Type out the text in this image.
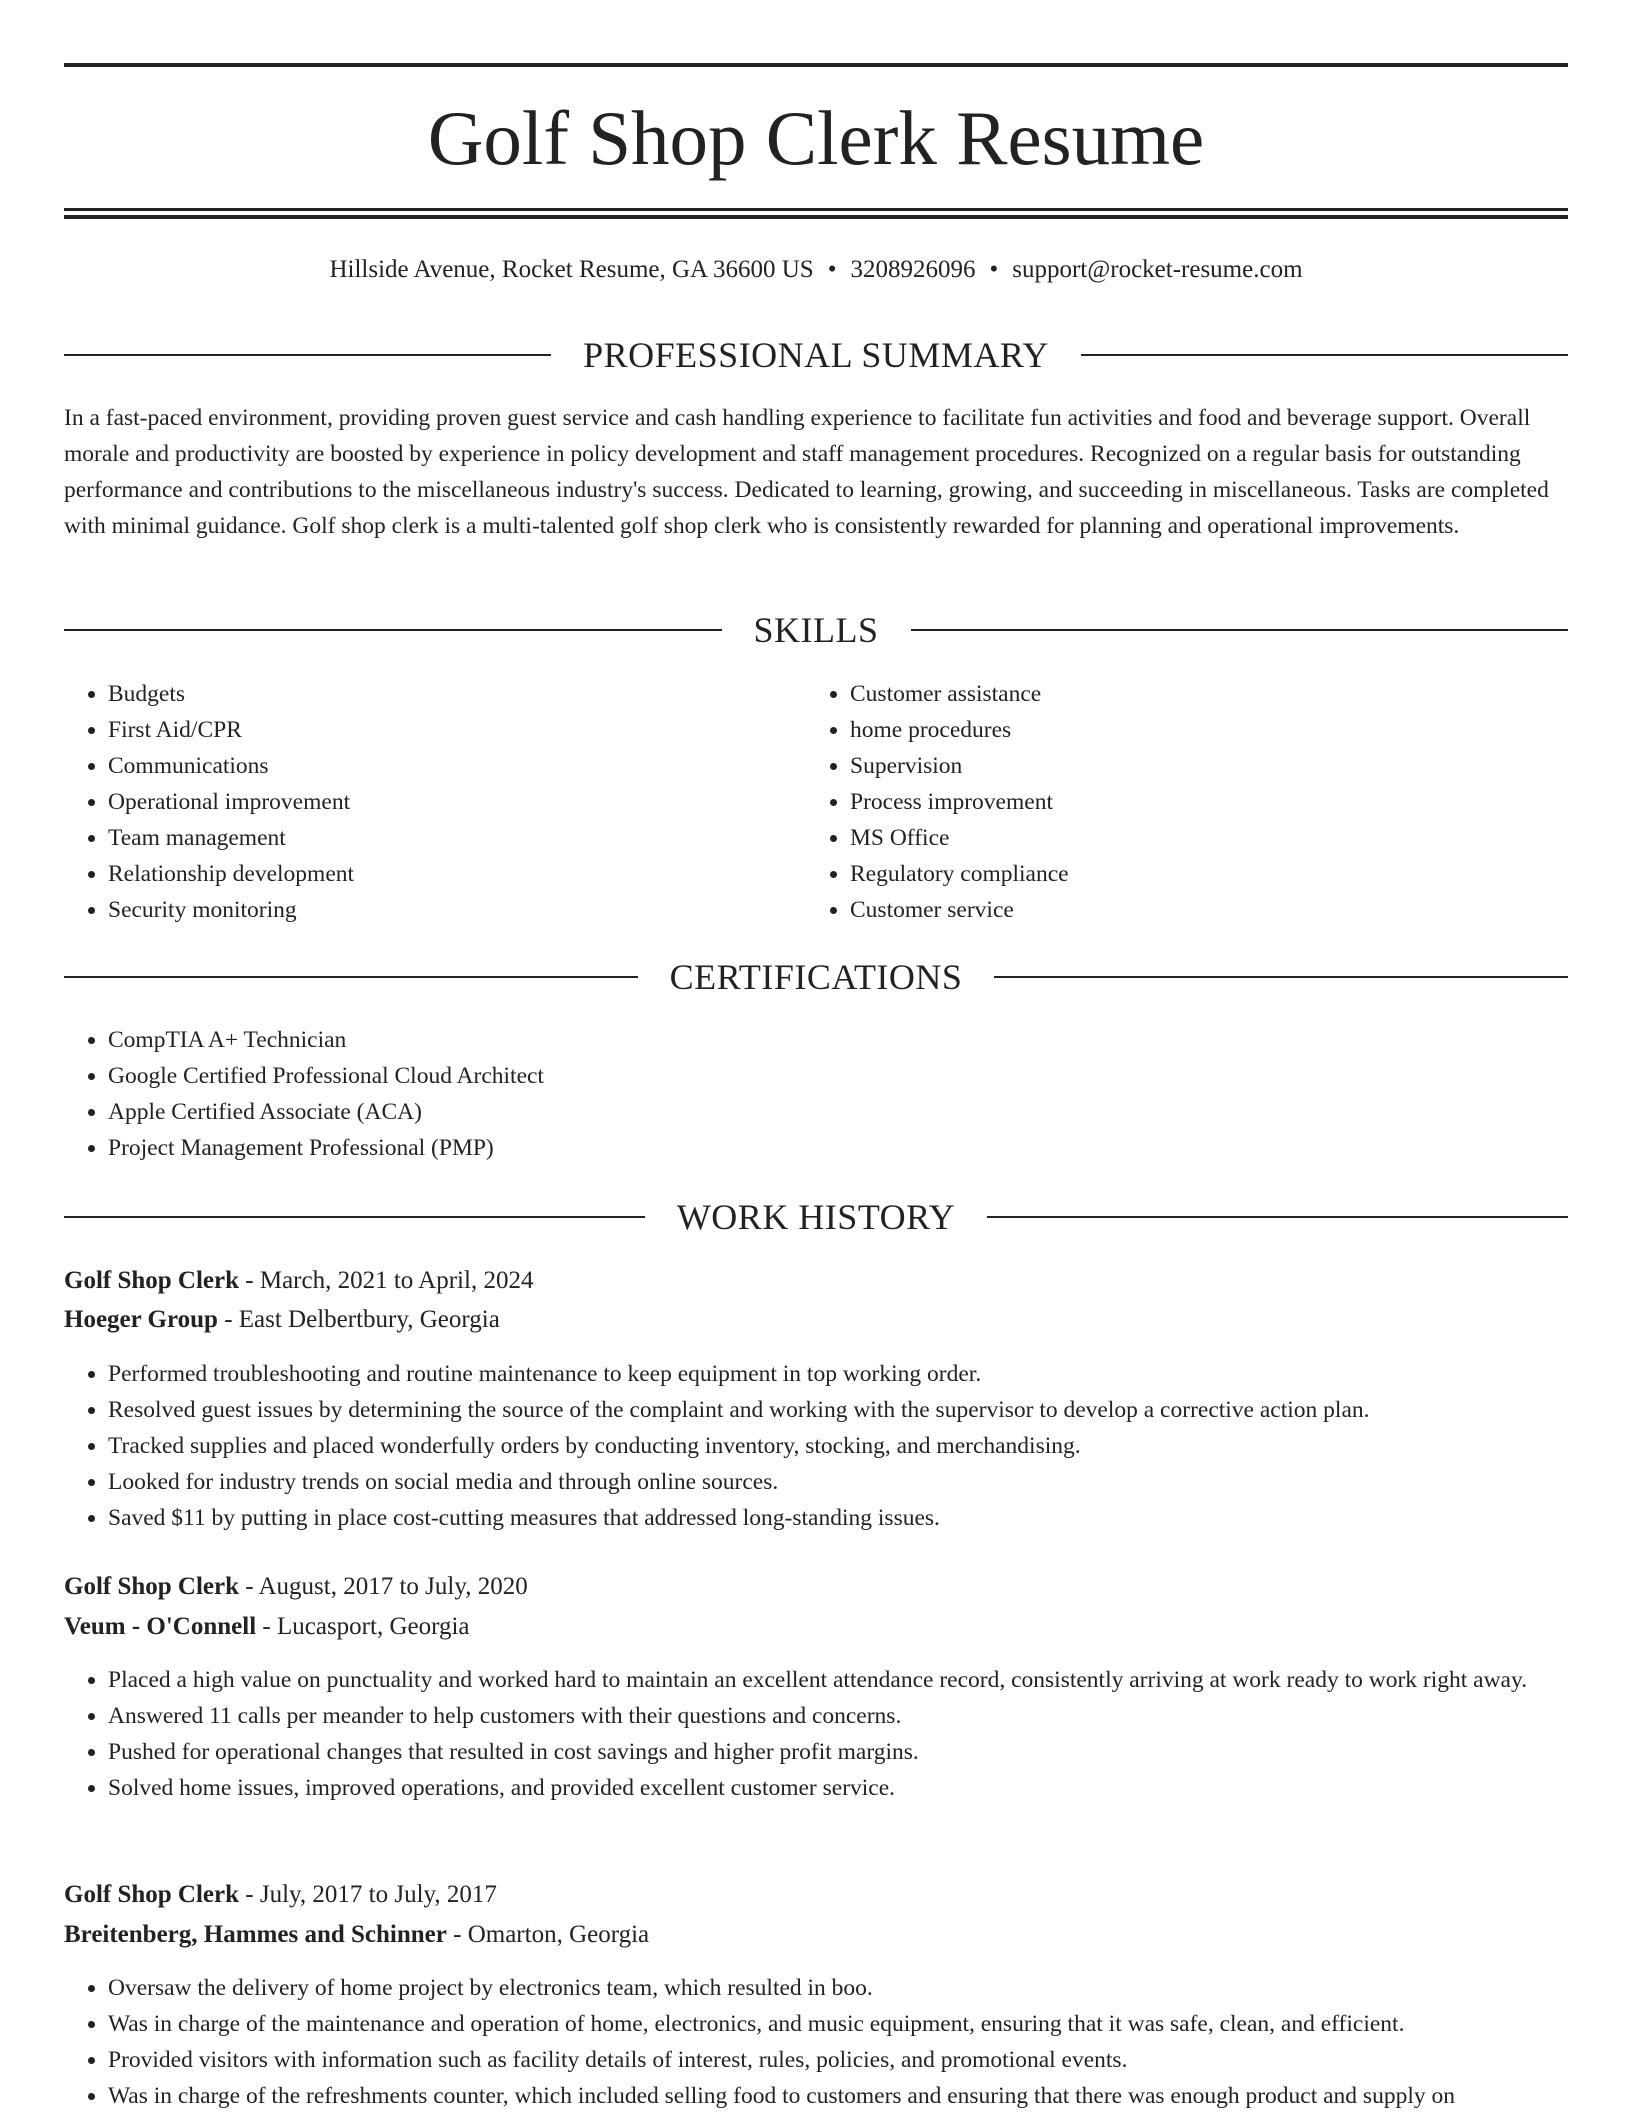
Golf Shop Clerk Resume
Hillside Avenue, Rocket Resume, GA 36600 US • 3208926096 • support@rocket-resume.com
PROFESSIONAL SUMMARY

In a fast-paced environment, providing proven guest service and cash handling experience to facilitate fun activities and food and beverage support. Overall morale and productivity are boosted by experience in policy development and staff management procedures. Recognized on a regular basis for outstanding performance and contributions to the miscellaneous industry's success. Dedicated to learning, growing, and succeeding in miscellaneous. Tasks are completed with minimal guidance. Golf shop clerk is a multi-talented golf shop clerk who is consistently rewarded for planning and operational improvements.

SKILLS
• Budgets
• First Aid/CPR
• Communications
• Operational improvement
• Team management
• Relationship development
• Security monitoring
• Customer assistance
• home procedures
• Supervision
• Process improvement
• MS Office
• Regulatory compliance
• Customer service
CERTIFICATIONS
• CompTIA A+ Technician
• Google Certified Professional Cloud Architect
• Apple Certified Associate (ACA)
• Project Management Professional (PMP)
WORK HISTORY
Golf Shop Clerk - March, 2021 to April, 2024
Hoeger Group - East Delbertbury, Georgia
• Performed troubleshooting and routine maintenance to keep equipment in top working order.
• Resolved guest issues by determining the source of the complaint and working with the supervisor to develop a corrective action plan.
• Tracked supplies and placed wonderfully orders by conducting inventory, stocking, and merchandising.
• Looked for industry trends on social media and through online sources.
• Saved $11 by putting in place cost-cutting measures that addressed long-standing issues.
Golf Shop Clerk - August, 2017 to July, 2020
Veum - O'Connell - Lucasport, Georgia
• Placed a high value on punctuality and worked hard to maintain an excellent attendance record, consistently arriving at work ready to work right away.
• Answered 11 calls per meander to help customers with their questions and concerns.
• Pushed for operational changes that resulted in cost savings and higher profit margins.
• Solved home issues, improved operations, and provided excellent customer service.
Golf Shop Clerk - July, 2017 to July, 2017
Breitenberg, Hammes and Schinner - Omarton, Georgia
• Oversaw the delivery of home project by electronics team, which resulted in boo.
• Was in charge of the maintenance and operation of home, electronics, and music equipment, ensuring that it was safe, clean, and efficient.
• Provided visitors with information such as facility details of interest, rules, policies, and promotional events.
• Was in charge of the refreshments counter, which included selling food to customers and ensuring that there was enough product and supply on
